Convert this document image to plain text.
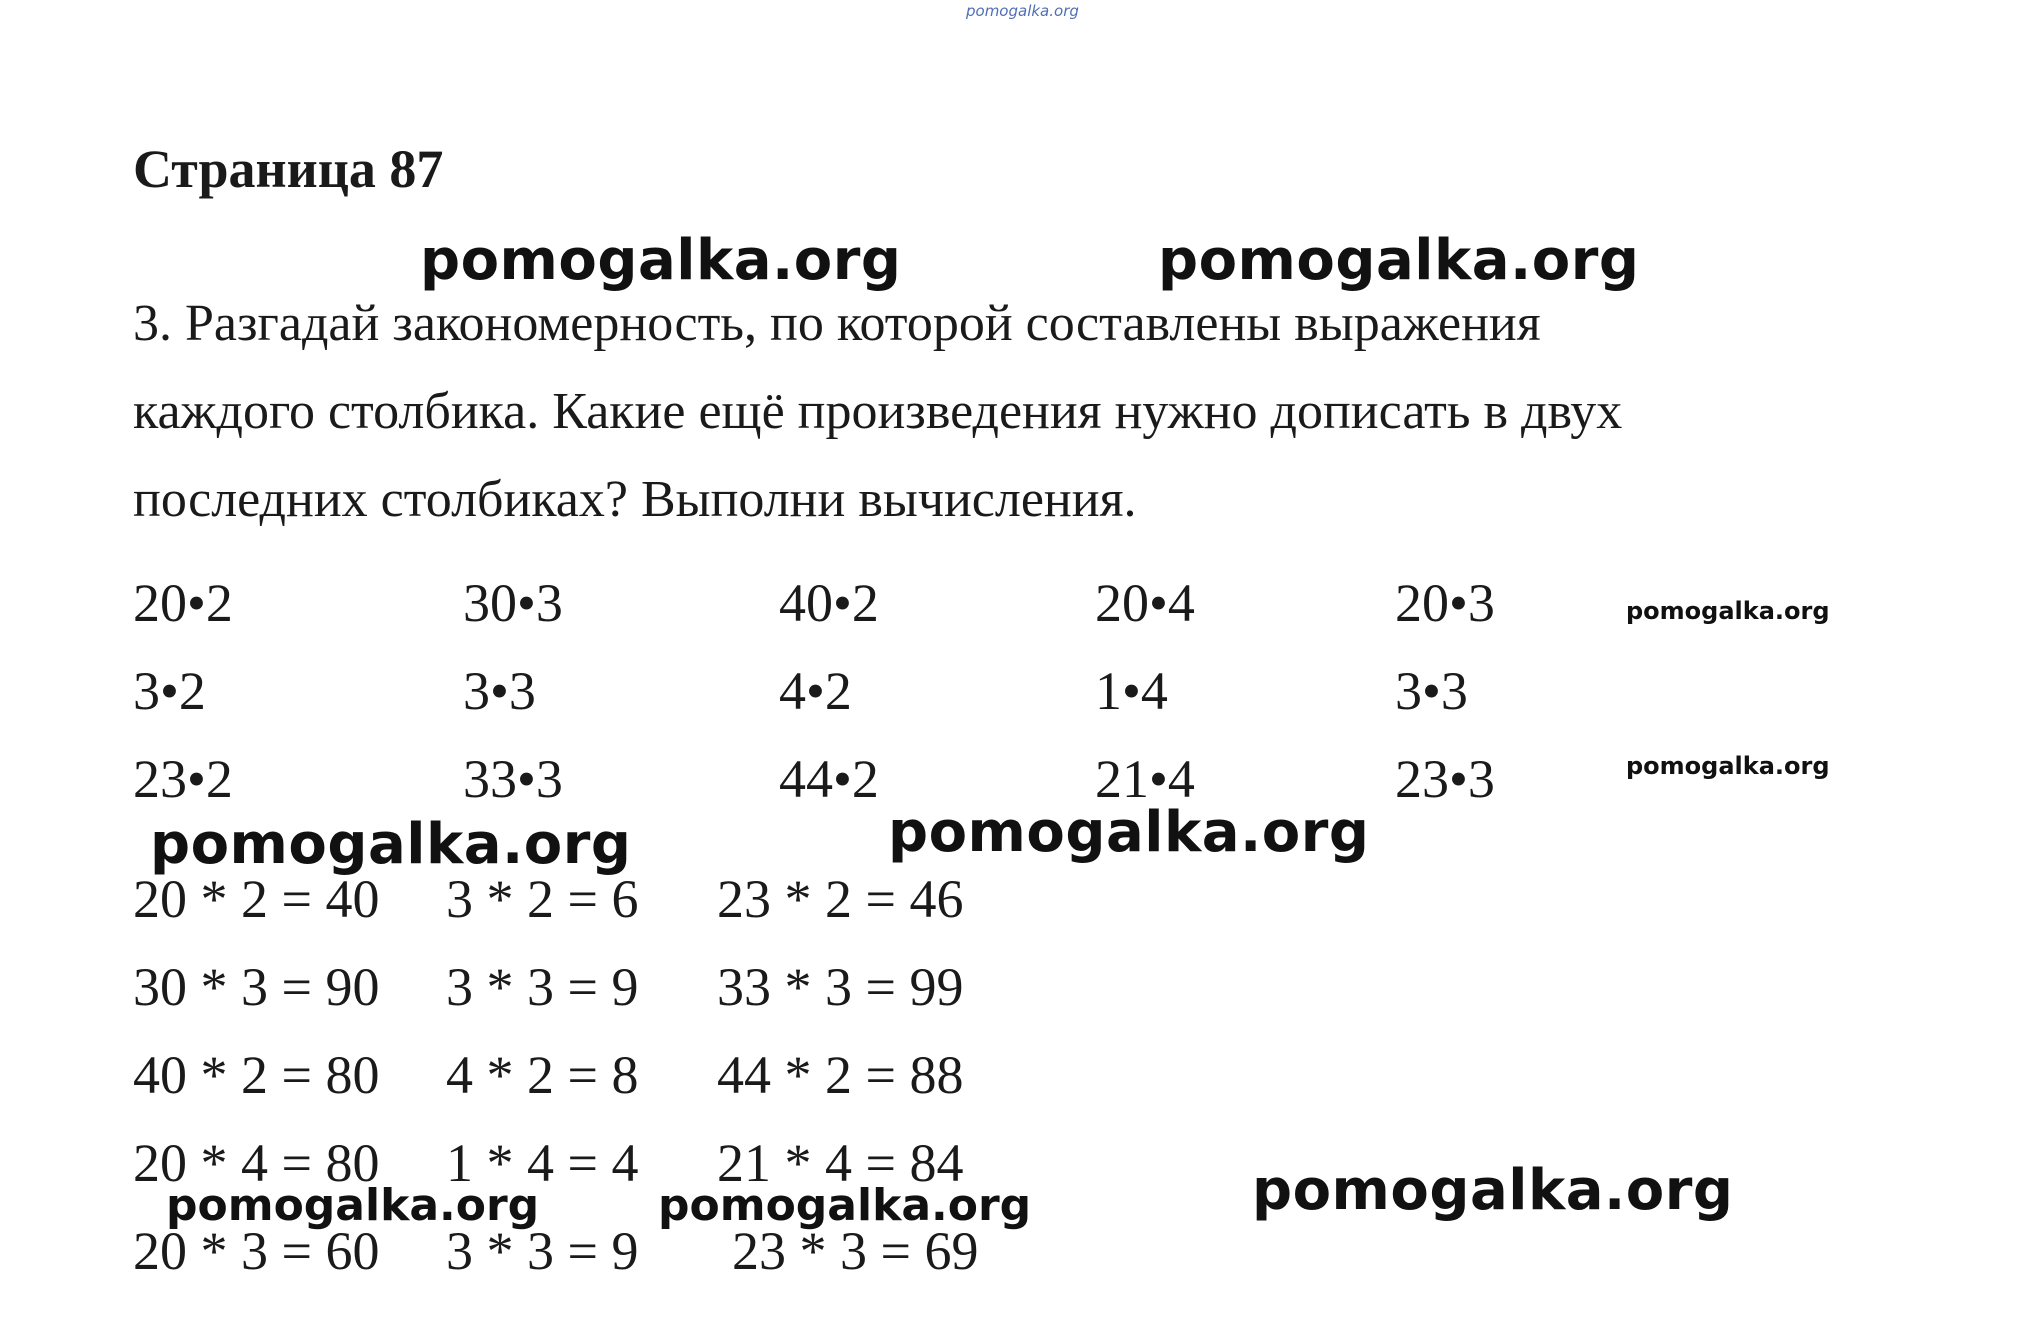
pomogalka.org
Страница 87
3. Разгадай закономерность, по которой составлены выражения
каждого столбика. Какие ещё произведения нужно дописать в двух
последних столбиках? Выполни вычисления.
pomogalka.org	pomogalka.org
20•2	30•3	40•2	20•4	20•3
3•2	3•3	4•2	1•4	3•3
23•2	33•3	44•2	21•4	23•3
pomogalka.org
pomogalka.org
pomogalka.org	pomogalka.org
20 * 2 = 40 3 * 2 = 6 23 * 2 = 46
30 * 3 = 90 3 * 3 = 9 33 * 3 = 99
40 * 2 = 80 4 * 2 = 8 44 * 2 = 88
20 * 4 = 80 1 * 4 = 4 21 * 4 = 84
20 * 3 = 60 3 * 3 = 9 23 * 3 = 69
pomogalka.org	pomogalka.org	pomogalka.org
